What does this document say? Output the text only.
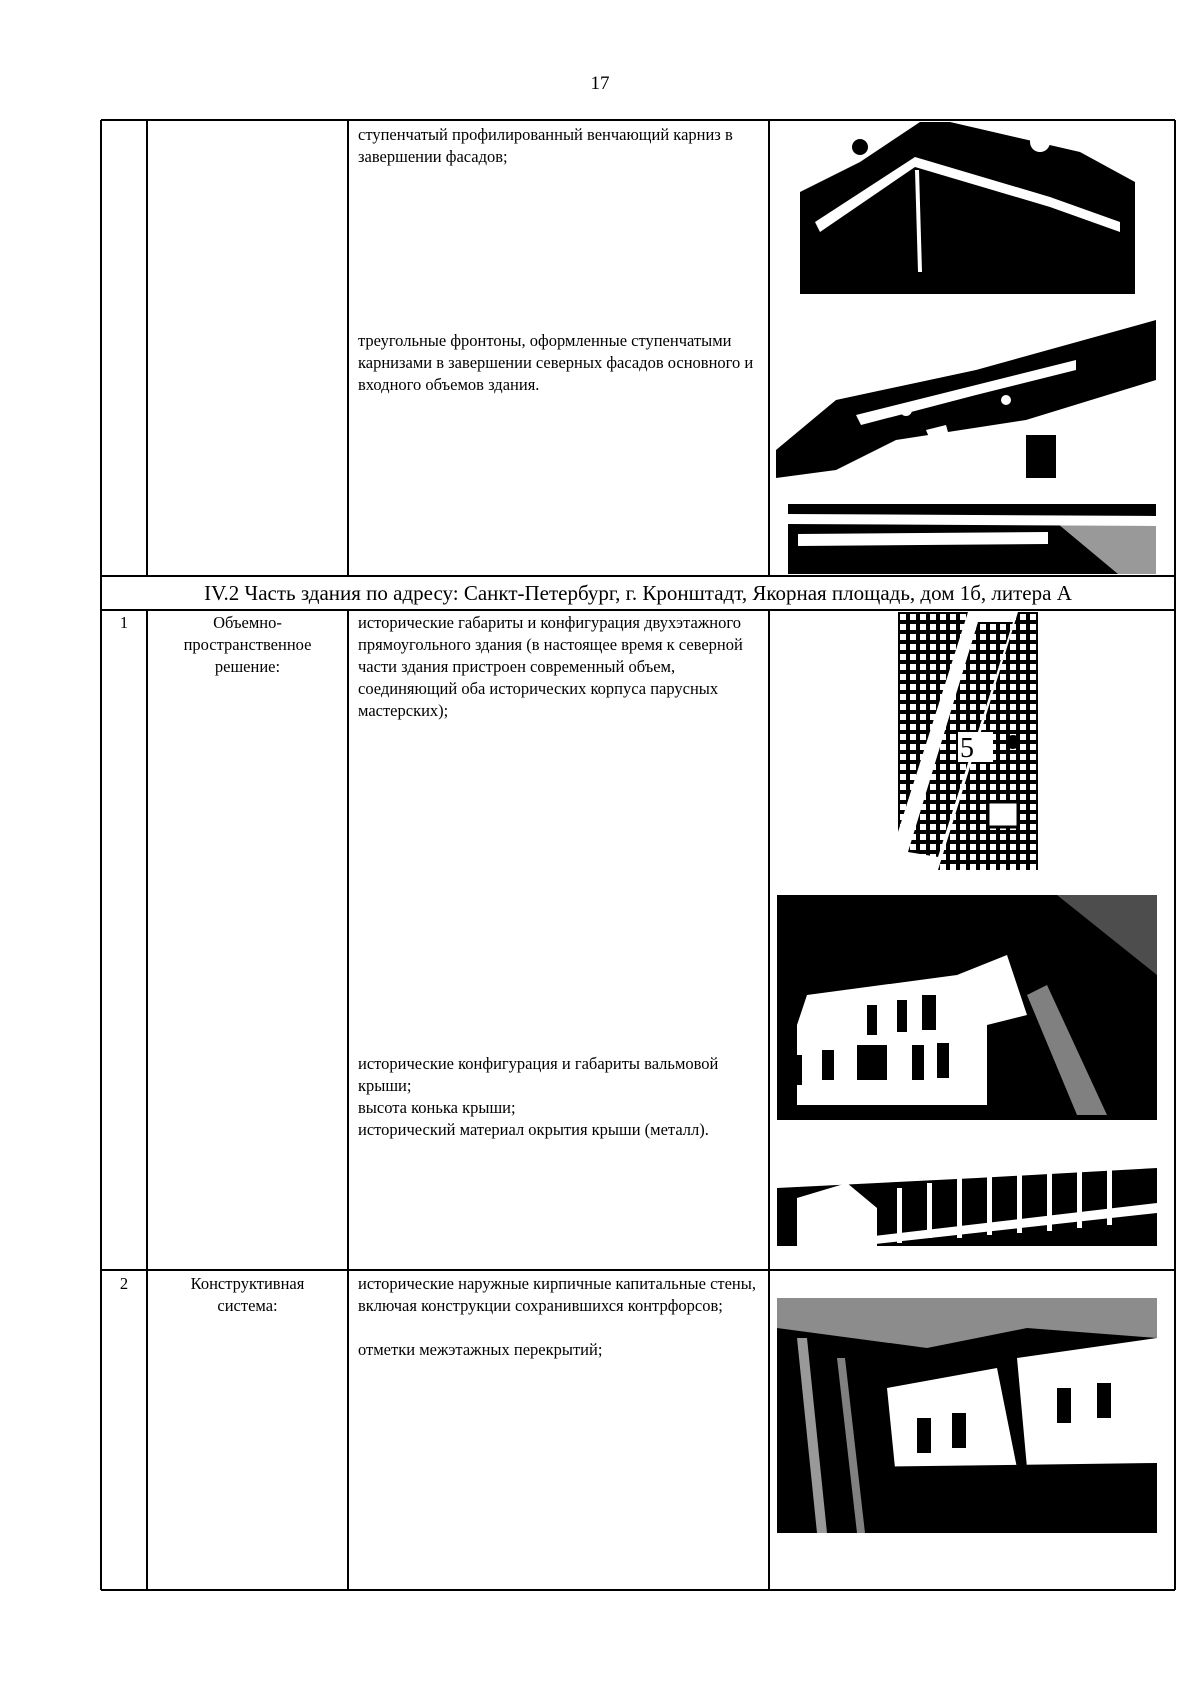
17
ступенчатый профилированный венчающий карниз в завершении фасадов;
треугольные фронтоны, оформленные ступенчатыми карнизами в завершении северных фасадов основного и входного объемов здания.
IV.2 Часть здания по адресу: Санкт-Петербург, г. Кронштадт, Якорная площадь, дом 1б, литера А
1	Объемно-пространственное решение:
исторические габариты и конфигурация двухэтажного прямоугольного здания (в настоящее время к северной части здания пристроен современный объем, соединяющий оба исторических корпуса парусных мастерских);
исторические конфигурация и габариты вальмовой крыши;
высота конька крыши;
исторический материал окрытия крыши (металл).
2	Конструктивная система:
исторические наружные кирпичные капитальные стены, включая конструкции сохранившихся контрфорсов;
отметки межэтажных перекрытий;
5
